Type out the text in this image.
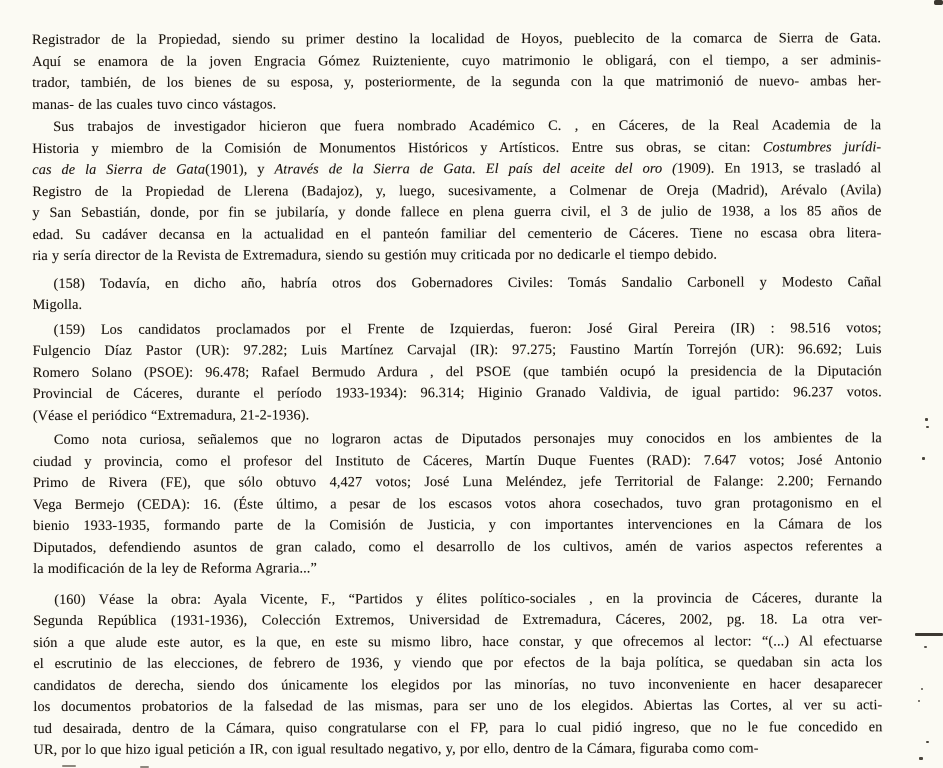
Registrador de la Propiedad, siendo su primer destino la localidad de Hoyos, pueblecito de la comarca de Sierra de Gata.
Aquí se enamora de la joven Engracia Gómez Ruizteniente, cuyo matrimonio le obligará, con el tiempo, a ser adminis-
trador, también, de los bienes de su esposa, y, posteriormente, de la segunda con la que matrimonió de nuevo- ambas her-
manas- de las cuales tuvo cinco vástagos.
Sus trabajos de investigador hicieron que fuera nombrado Académico C. , en Cáceres, de la Real Academia de la
Historia y miembro de la Comisión de Monumentos Históricos y Artísticos. Entre sus obras, se citan: Costumbres jurídi-
cas de la Sierra de Gata(1901), y Através de la Sierra de Gata. El país del aceite del oro (1909). En 1913, se trasladó al
Registro de la Propiedad de Llerena (Badajoz), y, luego, sucesivamente, a Colmenar de Oreja (Madrid), Arévalo (Avila)
y San Sebastián, donde, por fin se jubilaría, y donde fallece en plena guerra civil, el 3 de julio de 1938, a los 85 años de
edad. Su cadáver decansa en la actualidad en el panteón familiar del cementerio de Cáceres. Tiene no escasa obra litera-
ria y sería director de la Revista de Extremadura, siendo su gestión muy criticada por no dedicarle el tiempo debido.
(158) Todavía, en dicho año, habría otros dos Gobernadores Civiles: Tomás Sandalio Carbonell y Modesto Cañal
Migolla.
(159) Los candidatos proclamados por el Frente de Izquierdas, fueron: José Giral Pereira (IR) : 98.516 votos;
Fulgencio Díaz Pastor (UR): 97.282; Luis Martínez Carvajal (IR): 97.275; Faustino Martín Torrejón (UR): 96.692; Luis
Romero Solano (PSOE): 96.478; Rafael Bermudo Ardura , del PSOE (que también ocupó la presidencia de la Diputación
Provincial de Cáceres, durante el período 1933-1934): 96.314; Higinio Granado Valdivia, de igual partido: 96.237 votos.
(Véase el periódico “Extremadura, 21-2-1936).
Como nota curiosa, señalemos que no lograron actas de Diputados personajes muy conocidos en los ambientes de la
ciudad y provincia, como el profesor del Instituto de Cáceres, Martín Duque Fuentes (RAD): 7.647 votos; José Antonio
Primo de Rivera (FE), que sólo obtuvo 4,427 votos; José Luna Meléndez, jefe Territorial de Falange: 2.200; Fernando
Vega Bermejo (CEDA): 16. (Éste último, a pesar de los escasos votos ahora cosechados, tuvo gran protagonismo en el
bienio 1933-1935, formando parte de la Comisión de Justicia, y con importantes intervenciones en la Cámara de los
Diputados, defendiendo asuntos de gran calado, como el desarrollo de los cultivos, amén de varios aspectos referentes a
la modificación de la ley de Reforma Agraria...”
(160) Véase la obra: Ayala Vicente, F., “Partidos y élites político-sociales , en la provincia de Cáceres, durante la
Segunda República (1931-1936), Colección Extremos, Universidad de Extremadura, Cáceres, 2002, pg. 18. La otra ver-
sión a que alude este autor, es la que, en este su mismo libro, hace constar, y que ofrecemos al lector: “(...) Al efectuarse
el escrutinio de las elecciones, de febrero de 1936, y viendo que por efectos de la baja política, se quedaban sin acta los
candidatos de derecha, siendo dos únicamente los elegidos por las minorías, no tuvo inconveniente en hacer desaparecer
los documentos probatorios de la falsedad de las mismas, para ser uno de los elegidos. Abiertas las Cortes, al ver su acti-
tud desairada, dentro de la Cámara, quiso congratularse con el FP, para lo cual pidió ingreso, que no le fue concedido en
UR, por lo que hizo igual petición a IR, con igual resultado negativo, y, por ello, dentro de la Cámara, figuraba como com-
